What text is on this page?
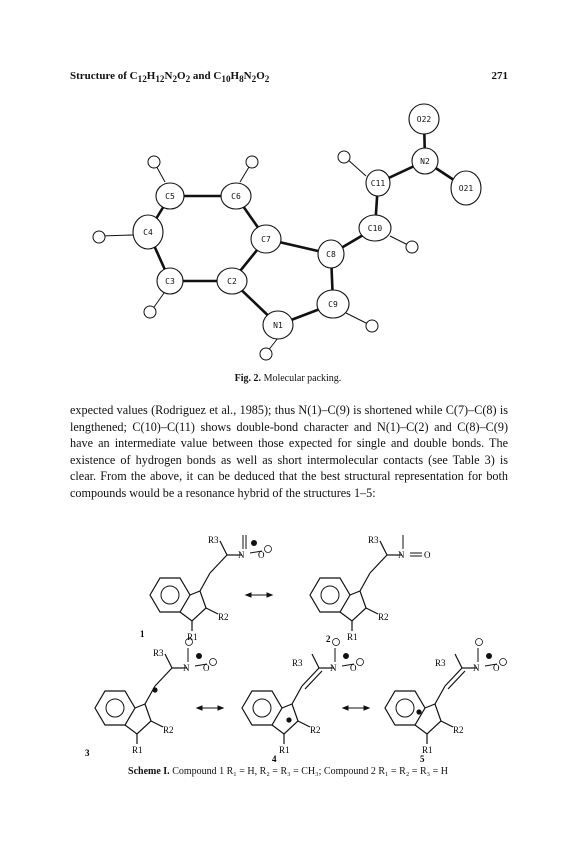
Structure of $C_{12}H_{12}N_2O_2$ and $C_{10}H_8N_2O_2$	271
O22
N2
O21
C11
C5	C6
C10
C4
C7
C8
C3	C2
C9
N1
Fig. 2. Molecular packing.
expected values (Rodriguez et al., 1985); thus N(1)–C(9) is shortened while C(7)–C(8) is lengthened; C(10)–C(11) shows double-bond character and N(1)–C(2) and C(8)–C(9) have an intermediate value between those expected for single and double bonds. The existence of hydrogen bonds as well as short intermolecular contacts (see Table 3) is clear. From the above, it can be deduced that the best structural representation for both compounds would be a resonance hybrid of the structures 1–5:
N O
R3
R2
R1
1
N O
R3
R2
R1
2
N O
R3
R2
R1
3
N O
R3
R2
R1
4
N O
R3
R2
R1
5
Scheme I. Compound 1 R₁ = H, R₂ = R₃ = CH₃; Compound 2 R₁ = R₂ = R₃ = H
